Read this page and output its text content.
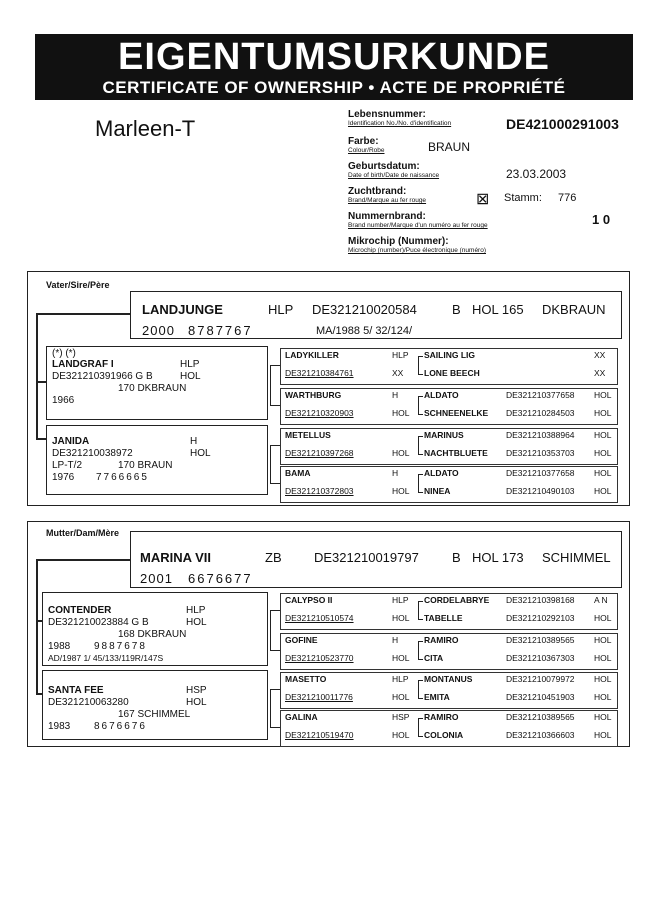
EIGENTUMSURKUNDE
CERTIFICATE OF OWNERSHIP • ACTE DE PROPRIÉTÉ
Marleen-T
Lebensnummer:
Identification No./No. d'identification	DE421000291003
Farbe:
Colour/Robe	BRAUN
Geburtsdatum:
Date of birth/Date de naissance	23.03.2003
Zuchtbrand:
Brand/Marque au fer rouge	⊠ Stamm: 776
Nummernbrand:
Brand number/Marque d'un numéro au fer rouge	1 0
Mikrochip (Nummer):
Microchip (number)/Puce électronique (numéro)
Vater/Sire/Père
LANDJUNGE	HLP DE321210020584	B HOL 165 DKBRAUN
2000 8787767	MA/1988 5/ 32/124/
(*) (*)
LANDGRAF I	HLP
DE321210391966 G B	HOL
170 DKBRAUN
1966
JANIDA	H
DE321210038972	HOL
LP-T/2	170 BRAUN
1976 7766665
Mutter/Dam/Mère
MARINA VII	ZB DE321210019797	B HOL 173 SCHIMMEL
2001 6676677
CONTENDER	HLP
DE321210023884 G B	HOL
168 DKBRAUN
1988 9887678
AD/1987 1/ 45/133/119R/147S
SANTA FEE	HSP
DE321210063280	HOL
167 SCHIMMEL
1983 8676676
LADYKILLER	HLP
DE321210384761	XX
SAILING LIG	XX
LONE BEECH	XX
WARTHBURG	H
DE321210320903	HOL
ALDATO	DE321210377658 HOL
SCHNEENELKE DE321210284503 HOL
METELLUS
DE321210397268	HOL
MARINUS	DE321210388964 HOL
NACHTBLUETE DE321210353703 HOL
BAMA	H
DE321210372803	HOL
ALDATO	DE321210377658 HOL
NINEA	DE321210490103 HOL
CALYPSO II	HLP
DE321210510574	HOL
CORDELABRYE DE321210398168 A N
TABELLE	DE321210292103 HOL
GOFINE	H
DE321210523770	HOL
RAMIRO	DE321210389565 HOL
CITA	DE321210367303 HOL
MASETTO	HLP
DE321210011776	HOL
MONTANUS	DE321210079972 HOL
EMITA	DE321210451903 HOL
GALINA	HSP
DE321210519470	HOL
RAMIRO	DE321210389565 HOL
COLONIA	DE321210366603 HOL
